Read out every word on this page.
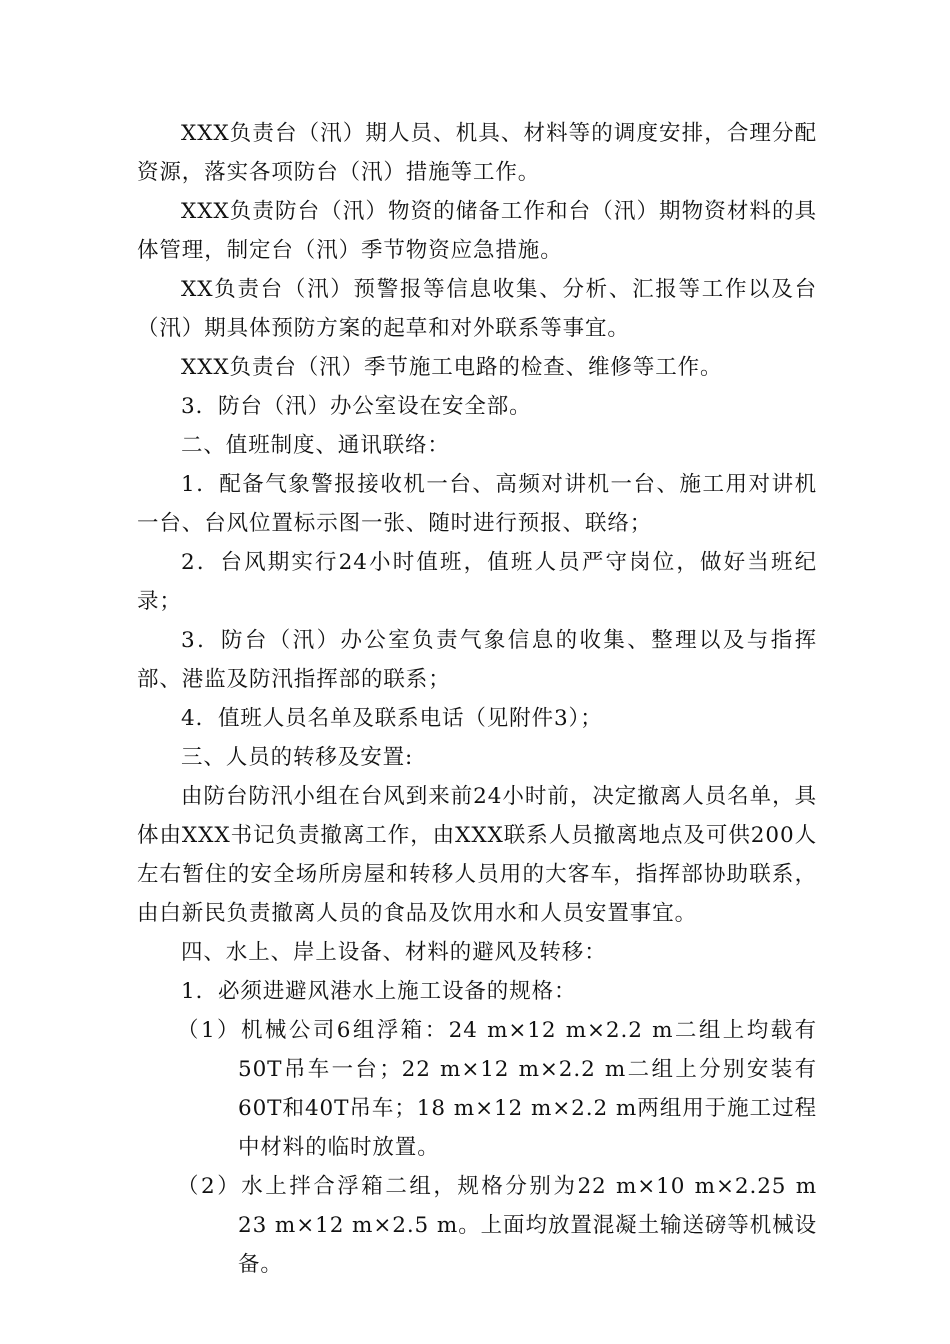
XXX负责台（汛）期人员、机具、材料等的调度安排，合理分配资源，落实各项防台（汛）措施等工作。

XXX负责防台（汛）物资的储备工作和台（汛）期物资材料的具体管理，制定台（汛）季节物资应急措施。

XX负责台（汛）预警报等信息收集、分析、汇报等工作以及台（汛）期具体预防方案的起草和对外联系等事宜。

XXX负责台（汛）季节施工电路的检查、维修等工作。

3．防台（汛）办公室设在安全部。

二、值班制度、通讯联络：

1．配备气象警报接收机一台、高频对讲机一台、施工用对讲机一台、台风位置标示图一张、随时进行预报、联络；

2．台风期实行24小时值班，值班人员严守岗位，做好当班纪录；

3．防台（汛）办公室负责气象信息的收集、整理以及与指挥部、港监及防汛指挥部的联系；

4．值班人员名单及联系电话（见附件3）；

三、人员的转移及安置:

由防台防汛小组在台风到来前24小时前，决定撤离人员名单，具体由XXX书记负责撤离工作，由XXX联系人员撤离地点及可供200人左右暂住的安全场所房屋和转移人员用的大客车，指挥部协助联系，由白新民负责撤离人员的食品及饮用水和人员安置事宜。

四、水上、岸上设备、材料的避风及转移：

1．必须进避风港水上施工设备的规格：

（1）机械公司6组浮箱：24 m×12 m×2.2 m二组上均载有50T吊车一台；22 m×12 m×2.2 m二组上分别安装有60T和40T吊车；18 m×12 m×2.2 m两组用于施工过程中材料的临时放置。

（2）水上拌合浮箱二组，规格分别为22 m×10 m×2.25 m 23 m×12 m×2.5 m。上面均放置混凝土输送磅等机械设备。
